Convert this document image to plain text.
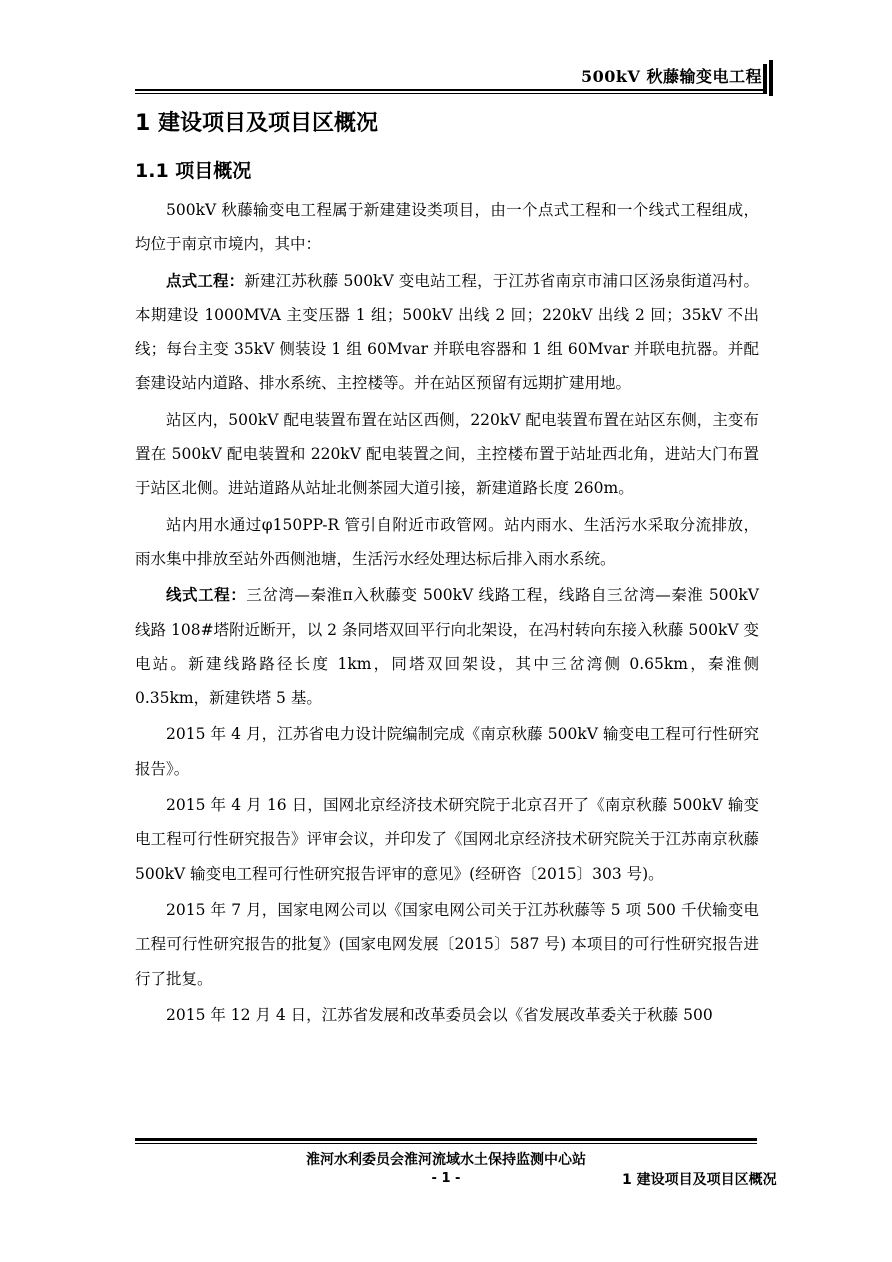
500kV 秋藤输变电工程
1 建设项目及项目区概况
1.1 项目概况

500kV 秋藤输变电工程属于新建建设类项目，由一个点式工程和一个线式工程组成，均位于南京市境内，其中：

点式工程：新建江苏秋藤 500kV 变电站工程，于江苏省南京市浦口区汤泉街道冯村。本期建设 1000MVA 主变压器 1 组；500kV 出线 2 回；220kV 出线 2 回；35kV 不出线；每台主变 35kV 侧装设 1 组 60Mvar 并联电容器和 1 组 60Mvar 并联电抗器。并配套建设站内道路、排水系统、主控楼等。并在站区预留有远期扩建用地。

站区内，500kV 配电装置布置在站区西侧，220kV 配电装置布置在站区东侧，主变布置在 500kV 配电装置和 220kV 配电装置之间，主控楼布置于站址西北角，进站大门布置于站区北侧。进站道路从站址北侧茶园大道引接，新建道路长度 260m。

站内用水通过φ150PP-R 管引自附近市政管网。站内雨水、生活污水采取分流排放，雨水集中排放至站外西侧池塘，生活污水经处理达标后排入雨水系统。

线式工程：三岔湾—秦淮π入秋藤变 500kV 线路工程，线路自三岔湾—秦淮 500kV 线路 108#塔附近断开，以 2 条同塔双回平行向北架设，在冯村转向东接入秋藤 500kV 变电站。新建线路路径长度 1km，同塔双回架设，其中三岔湾侧 0.65km，秦淮侧 0.35km，新建铁塔 5 基。

2015 年 4 月，江苏省电力设计院编制完成《南京秋藤 500kV 输变电工程可行性研究报告》。

2015 年 4 月 16 日，国网北京经济技术研究院于北京召开了《南京秋藤 500kV 输变电工程可行性研究报告》评审会议，并印发了《国网北京经济技术研究院关于江苏南京秋藤 500kV 输变电工程可行性研究报告评审的意见》(经研咨〔2015〕303 号)。

2015 年 7 月，国家电网公司以《国家电网公司关于江苏秋藤等 5 项 500 千伏输变电工程可行性研究报告的批复》(国家电网发展〔2015〕587 号) 本项目的可行性研究报告进行了批复。

2015 年 12 月 4 日，江苏省发展和改革委员会以《省发展改革委关于秋藤 500

淮河水利委员会淮河流域水土保持监测中心站
- 1 -	1 建设项目及项目区概况
